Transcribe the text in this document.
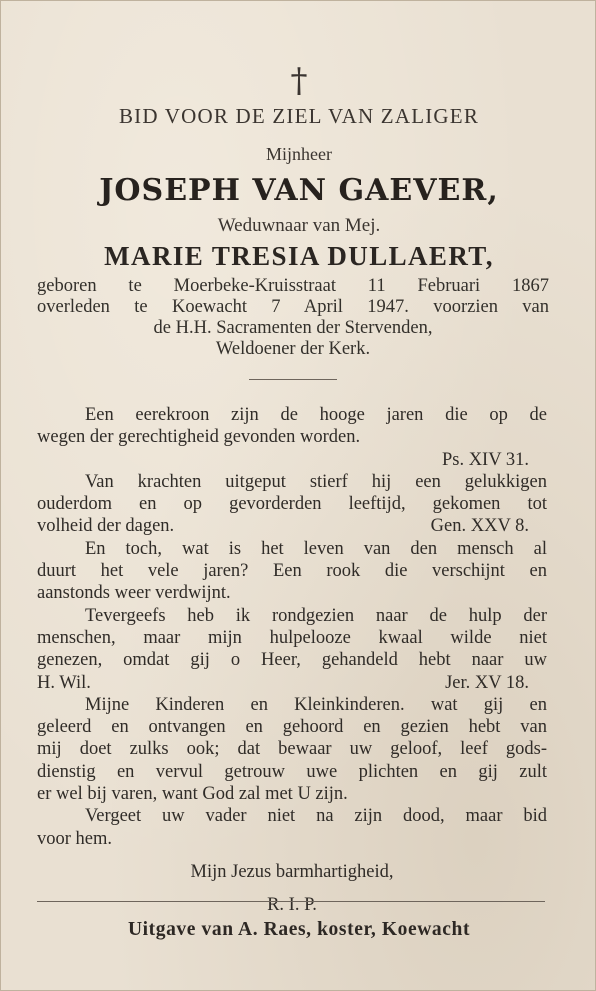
†
BID VOOR DE ZIEL VAN ZALIGER
Mijnheer
JOSEPH VAN GAEVER,
Weduwnaar van Mej.
MARIE TRESIA DULLAERT,
geboren te Moerbeke-Kruisstraat 11 Februari 1867
overleden te Koewacht 7 April 1947. voorzien van
de H.H. Sacramenten der Stervenden,
Weldoener der Kerk.
Een eerekroon zijn de hooge jaren die op de
wegen der gerechtigheid gevonden worden.
Ps. XIV 31.
Van krachten uitgeput stierf hij een gelukkigen
ouderdom en op gevorderden leeftijd, gekomen tot
volheid der dagen.	Gen. XXV 8.
En toch, wat is het leven van den mensch al
duurt het vele jaren? Een rook die verschijnt en
aanstonds weer verdwijnt.
Tevergeefs heb ik rondgezien naar de hulp der
menschen, maar mijn hulpelooze kwaal wilde niet
genezen, omdat gij o Heer, gehandeld hebt naar uw
H. Wil.	Jer. XV 18.
Mijne Kinderen en Kleinkinderen. wat gij en
geleerd en ontvangen en gehoord en gezien hebt van
mij doet zulks ook; dat bewaar uw geloof, leef gods-
dienstig en vervul getrouw uwe plichten en gij zult
er wel bij varen, want God zal met U zijn.
Vergeet uw vader niet na zijn dood, maar bid
voor hem.
Mijn Jezus barmhartigheid,
R. I. P.
Uitgave van A. Raes, koster, Koewacht
